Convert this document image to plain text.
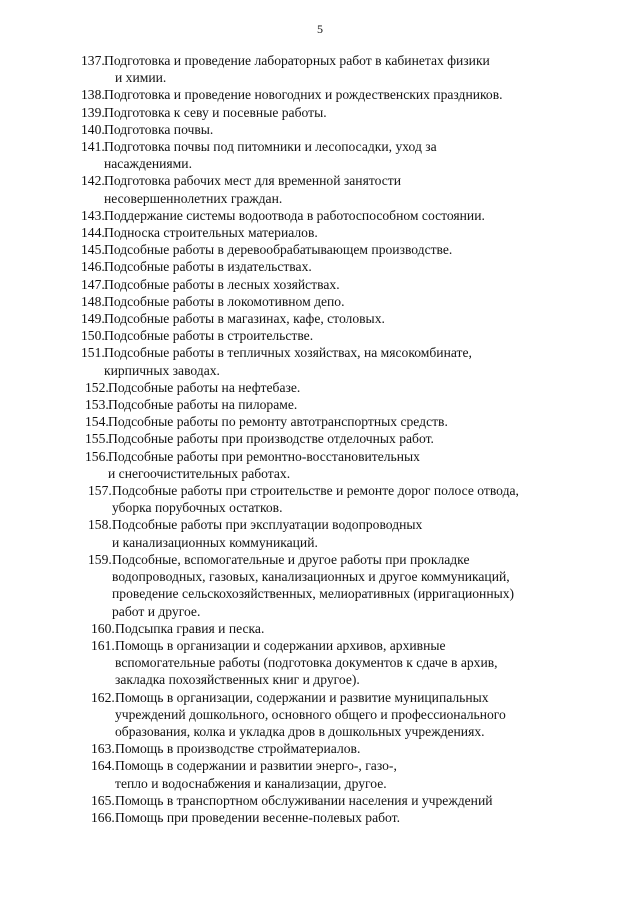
5
137. Подготовка и проведение лабораторных работ в кабинетах физики
и химии.
138. Подготовка и проведение новогодних и рождественских праздников.
139. Подготовка к севу и посевные работы.
140. Подготовка почвы.
141. Подготовка почвы под питомники и лесопосадки, уход за
насаждениями.
142. Подготовка рабочих мест для временной занятости
несовершеннолетних граждан.
143. Поддержание системы водоотвода в работоспособном состоянии.
144. Подноска строительных материалов.
145. Подсобные работы в деревообрабатывающем производстве.
146. Подсобные работы в издательствах.
147. Подсобные работы в лесных хозяйствах.
148. Подсобные работы в локомотивном депо.
149. Подсобные работы в магазинах, кафе, столовых.
150. Подсобные работы в строительстве.
151. Подсобные работы в тепличных хозяйствах, на мясокомбинате,
кирпичных заводах.
152. Подсобные работы на нефтебазе.
153. Подсобные работы на пилораме.
154. Подсобные работы по ремонту автотранспортных средств.
155. Подсобные работы при производстве отделочных работ.
156. Подсобные работы при ремонтно-восстановительных
и снегоочистительных работах.
157. Подсобные работы при строительстве и ремонте дорог полосе отвода,
уборка порубочных остатков.
158. Подсобные работы при эксплуатации водопроводных
и канализационных коммуникаций.
159. Подсобные, вспомогательные и другое работы при прокладке
водопроводных, газовых, канализационных и другое коммуникаций,
проведение сельскохозяйственных, мелиоративных (ирригационных)
работ и другое.
160. Подсыпка гравия и песка.
161. Помощь в организации и содержании архивов, архивные
вспомогательные работы (подготовка документов к сдаче в архив,
закладка похозяйственных книг и другое).
162. Помощь в организации, содержании и развитие муниципальных
учреждений дошкольного, основного общего и профессионального
образования, колка и укладка дров в дошкольных учреждениях.
163. Помощь в производстве стройматериалов.
164. Помощь в содержании и развитии энерго-, газо-,
тепло и водоснабжения и канализации, другое.
165. Помощь в транспортном обслуживании населения и учреждений
166. Помощь при проведении весенне-полевых работ.
